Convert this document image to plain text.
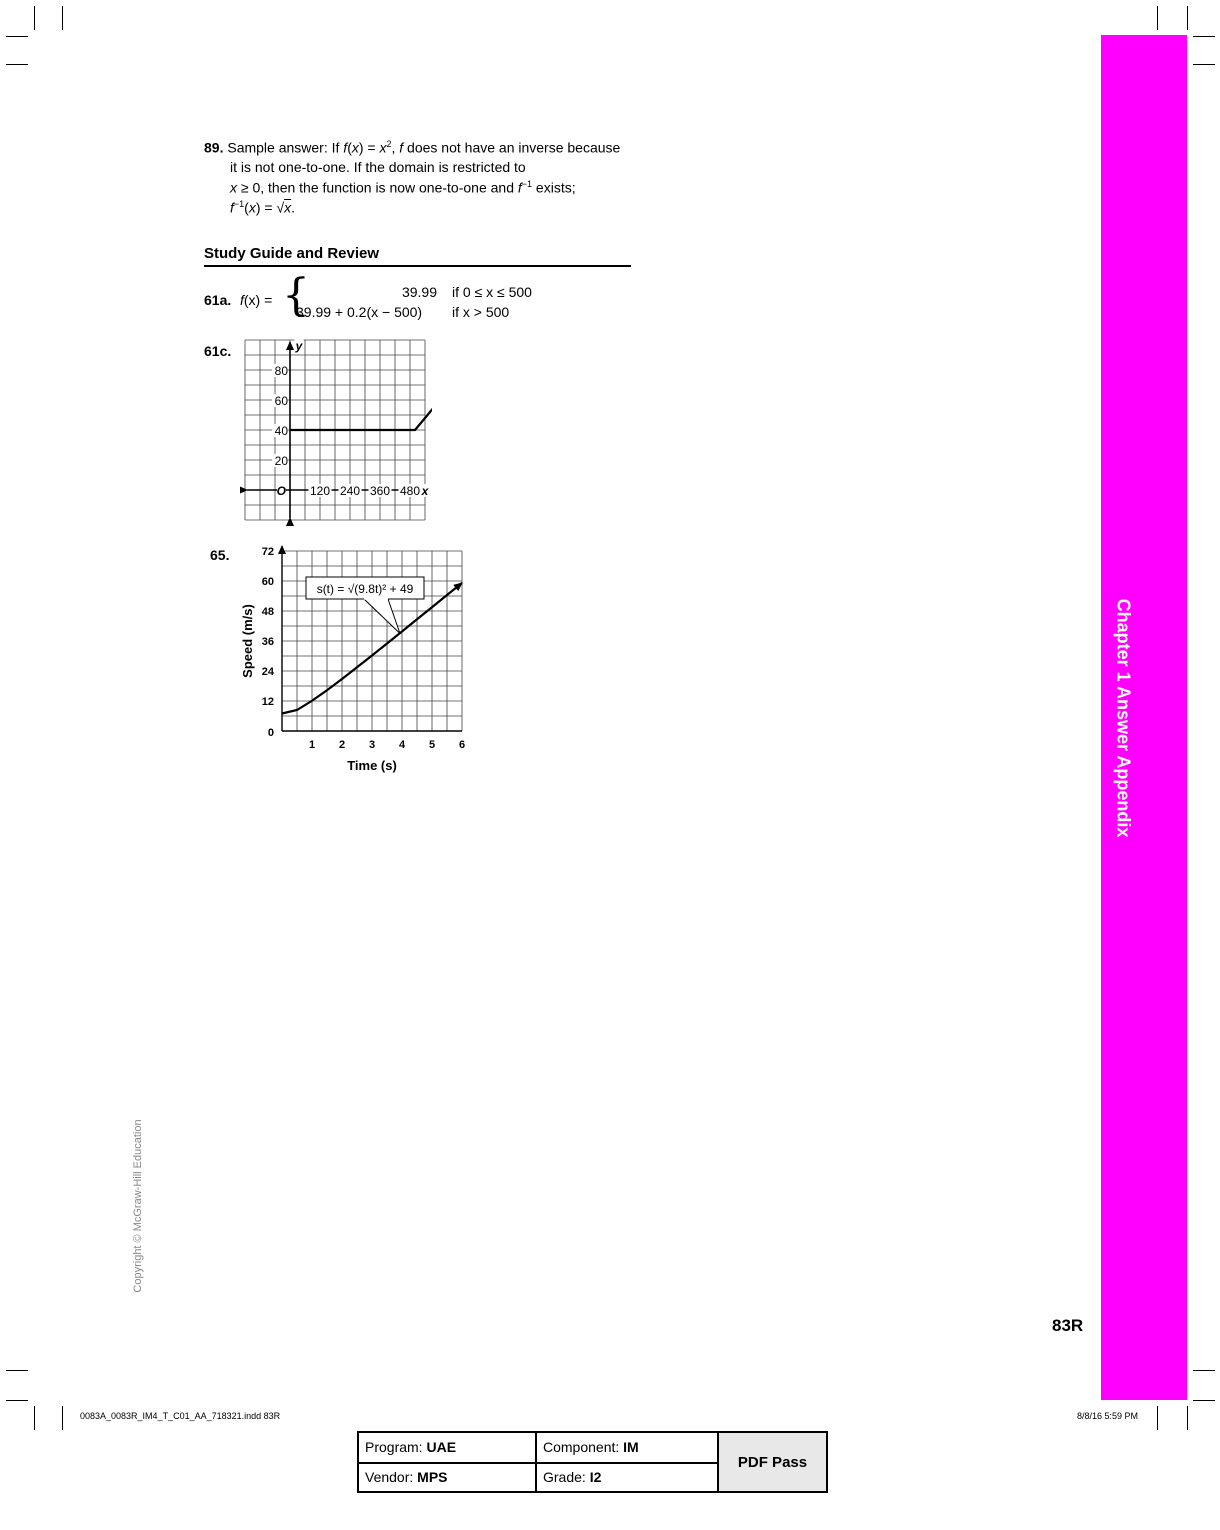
Chapter 1 Answer Appendix
89. Sample answer: If $f(x) = x^2$, f does not have an inverse because
it is not one-to-one. If the domain is restricted to
x ≥ 0, then the function is now one-to-one and $f^{-1}$ exists;
$f^{-1}(x) = √x$.
Study Guide and Review
61a. f(x) = {	39.99 if 0 ≤ x ≤ 500
39.99 + 0.2(x − 500) if x > 500
61c.
20
40
60
80
120 240 360 480
O	x
y
65.
0
12
24
36
48
60
72
1 2 3 4 5 6
Time (s)
Speed (m/s)
s(t) = √(9.8t)² + 49
Copyright © McGraw-Hill Education
83R
0083A_0083R_IM4_T_C01_AA_718321.indd 83R	8/8/16 5:59 PM
Program: UAE	Component: IM
Vendor: MPS	Grade: I2
PDF Pass
